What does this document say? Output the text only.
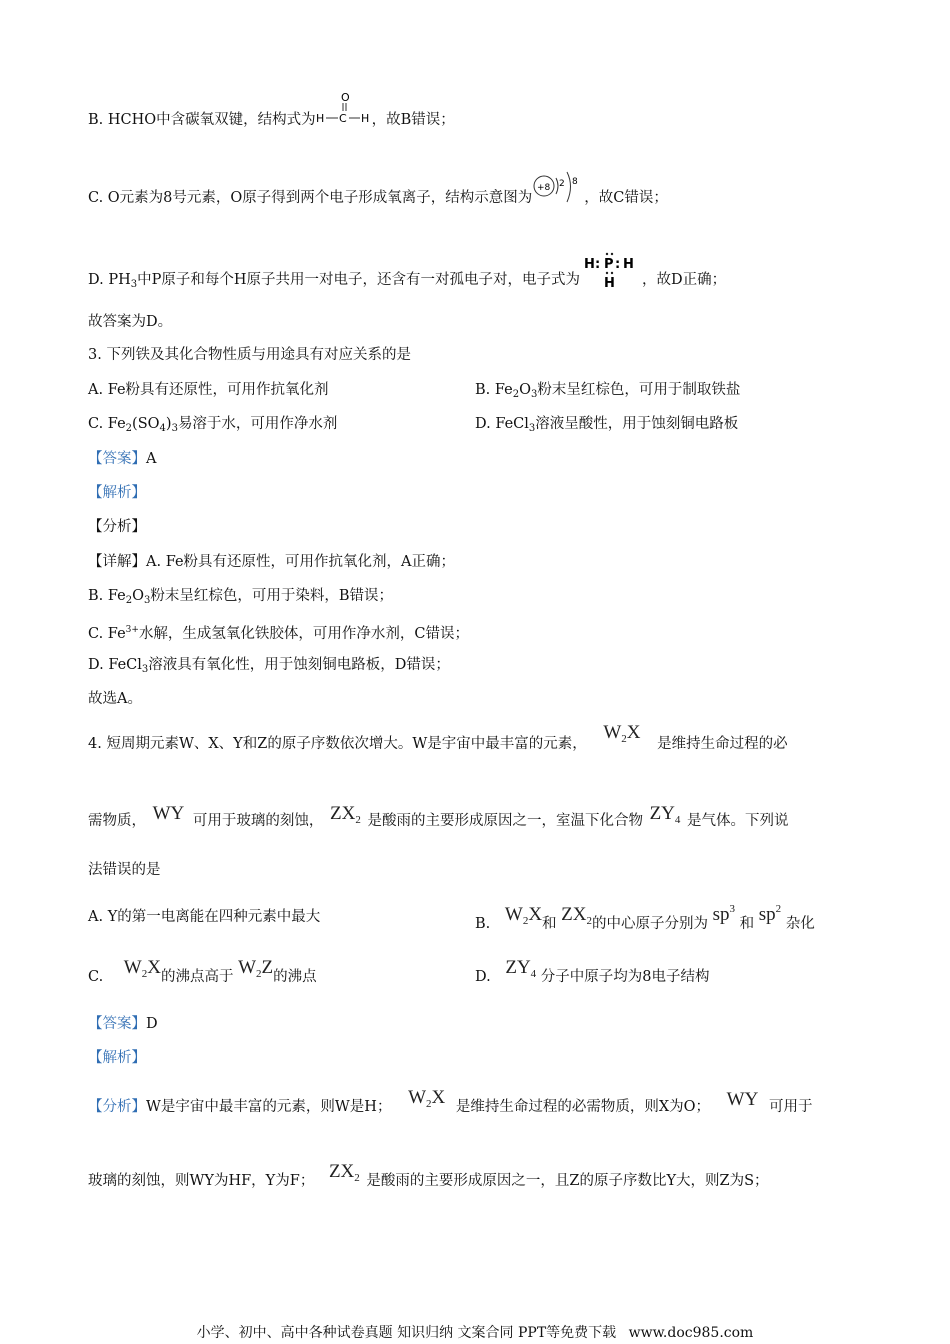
B. HCHO中含碳氧双键，结构式为
O
H C H ，故B错误；
C. O元素为8号元素，O原子得到两个电子形成氧离子，结构示意图为
+8 2 8
，故C错误；
D. $PH_3$中P原子和每个H原子共用一对电子，还含有一对孤电子对，电子式为
H : P : H
H ，故D正确；
故答案为D。
3. 下列铁及其化合物性质与用途具有对应关系的是
A. Fe粉具有还原性，可用作抗氧化剂	B. $Fe_2O_3$粉末呈红棕色，可用于制取铁盐
C. $Fe_2(SO_4)_3$易溶于水，可用作净水剂	D. FeCl$_3$溶液呈酸性，用于蚀刻铜电路板
【答案】A
【解析】
【分析】
【详解】A. Fe粉具有还原性，可用作抗氧化剂，A正确；
B. $Fe_2O_3$粉末呈红棕色，可用于染料，B错误；
C. $Fe^{3+}$水解，生成氢氧化铁胶体，可用作净水剂，C错误；
D. FeCl$_3$溶液具有氧化性，用于蚀刻铜电路板，D错误；
故选A。
4. 短周期元素W、X、Y和Z的原子序数依次增大。W是宇宙中最丰富的元素， $W_2X$ 是维持生命过程的必
需物质， WY 可用于玻璃的刻蚀， $ZX_2$ 是酸雨的主要形成原因之一，室温下化合物 $ZY_4$ 是气体。下列说
法错误的是
A. Y的第一电离能在四种元素中最大	B. $W_2X$和 $ZX_2$的中心原子分别为 $sp^3$ 和 $sp^2$ 杂化
C. $W_2X$的沸点高于 $W_2Z$的沸点	D. $ZY_4$ 分子中原子均为8电子结构
【答案】D
【解析】
【分析】W是宇宙中最丰富的元素，则W是H； $W_2X$ 是维持生命过程的必需物质，则X为O； WY 可用于
玻璃的刻蚀，则WY为HF，Y为F； $ZX_2$ 是酸雨的主要形成原因之一，且Z的原子序数比Y大，则Z为S；
小学、初中、高中各种试卷真题 知识归纳 文案合同 PPT等免费下载 www.doc985.com
